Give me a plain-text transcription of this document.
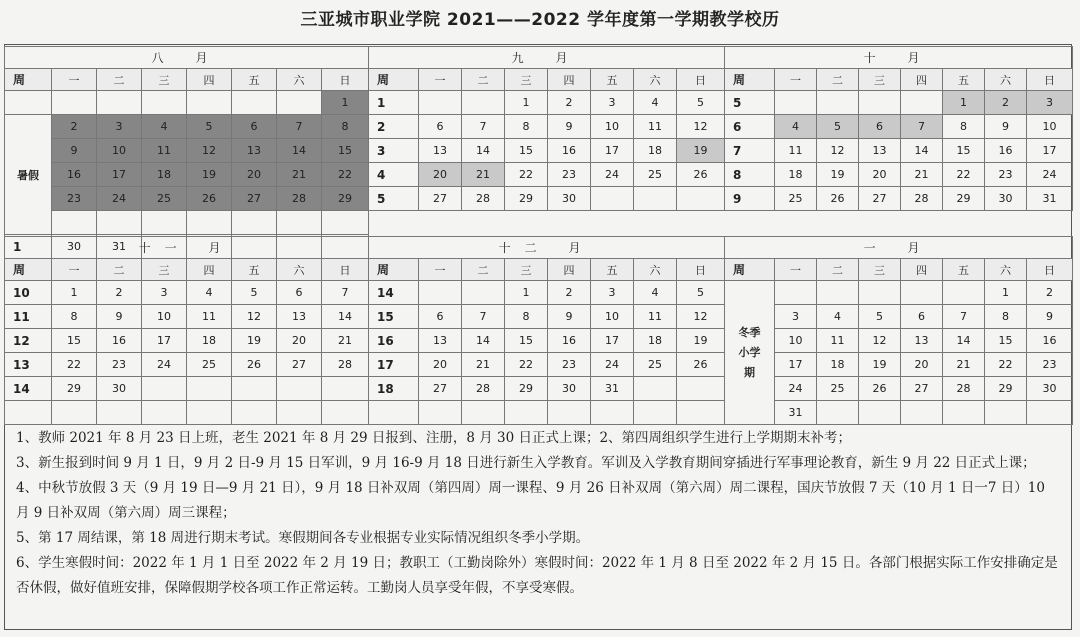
三亚城市职业学院 2021——2022 学年度第一学期教学校历
八 月							
周	一	二	三	四	五	六	日
							1
暑假	2	3	4	5	6	7	8
	9	10	11	12	13	14	15
	16	17	18	19	20	21	22
	23	24	25	26	27	28	29

1	30	31					
九 月							
周	一	二	三	四	五	六	日
1			1	2	3	4	5
2	6	7	8	9	10	11	12
3	13	14	15	16	17	18	19
4	20	21	22	23	24	25	26
5	27	28	29	30			
十 月							
周	一	二	三	四	五	六	日
5					1	2	3
6	4	5	6	7	8	9	10
7	11	12	13	14	15	16	17
8	18	19	20	21	22	23	24
9	25	26	27	28	29	30	31
十一 月							
周	一	二	三	四	五	六	日
10	1	2	3	4	5	6	7
11	8	9	10	11	12	13	14
12	15	16	17	18	19	20	21
13	22	23	24	25	26	27	28
14	29	30					

十二 月							
周	一	二	三	四	五	六	日
14			1	2	3	4	5
15	6	7	8	9	10	11	12
16	13	14	15	16	17	18	19
17	20	21	22	23	24	25	26
18	27	28	29	30	31		

一 月							
周	一	二	三	四	五	六	日

冬季
小学
期						1	2
	3	4	5	6	7	8	9
	10	11	12	13	14	15	16
	17	18	19	20	21	22	23
	24	25	26	27	28	29	30
	31						

1、教师 2021 年 8 月 23 日上班，老生 2021 年 8 月 29 日报到、注册，8 月 30 日正式上课；2、第四周组织学生进行上学期期末补考；

3、新生报到时间 9 月 1 日，9 月 2 日-9 月 15 日军训，9 月 16-9 月 18 日进行新生入学教育。军训及入学教育期间穿插进行军事理论教育，新生 9 月 22 日正式上课；

4、中秋节放假 3 天（9 月 19 日—9 月 21 日），9 月 18 日补双周（第四周）周一课程、9 月 26 日补双周（第六周）周二课程，国庆节放假 7 天（10 月 1 日一7 日）10 月 9 日补双周（第六周）周三课程；

5、第 17 周结课，第 18 周进行期末考试。寒假期间各专业根据专业实际情况组织冬季小学期。

6、学生寒假时间：2022 年 1 月 1 日至 2022 年 2 月 19 日；教职工（工勤岗除外）寒假时间：2022 年 1 月 8 日至 2022 年 2 月 15 日。各部门根据实际工作安排确定是否休假，做好值班安排，保障假期学校各项工作正常运转。工勤岗人员享受年假，不享受寒假。
